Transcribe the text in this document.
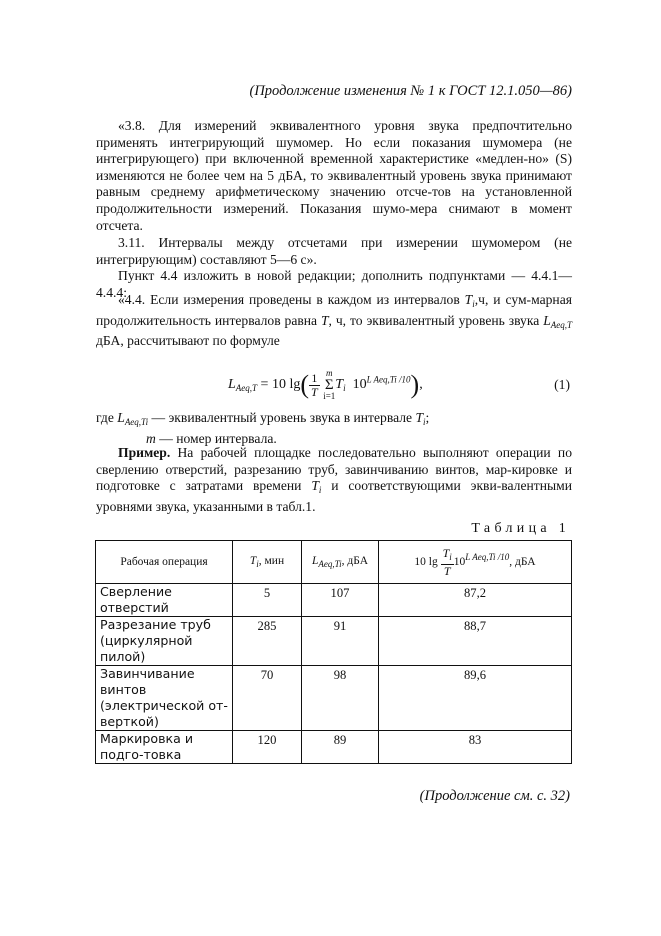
(Продолжение изменения № 1 к ГОСТ 12.1.050—86)

«3.8. Для измерений эквивалентного уровня звука предпочтительно применять интегрирующий шумомер. Но если показания шумомера (не интегрирующего) при включенной временной характеристике «медлен-но» (S) изменяются не более чем на 5 дБА, то эквивалентный уровень звука принимают равным среднему арифметическому значению отсче-тов на установленной продолжительности измерений. Показания шумо-мера снимают в момент отсчета.

3.11. Интервалы между отсчетами при измерении шумомером (не интегрирующим) составляют 5—6 с».

Пункт 4.4 изложить в новой редакции; дополнить подпунктами — 4.4.1—4.4.4:

«4.4. Если измерения проведены в каждом из интервалов $T_i,ч$, и сум-марная продолжительность интервалов равна T, ч, то эквивалентный уровень звука $L_{Aeq,T}$ дБА, рассчитывают по формуле

$L_{Aeq,T} = 10$ $\lg( \frac{1}{T}$
m
Σ
i=1
$T_i$ $10^{L Aeq,Ti /10}$),	(1)

где $L_{Aeq,Ti}$ — эквивалентный уровень звука в интервале $T_i$;

m — номер интервала.

Пример. На рабочей площадке последовательно выполняют операции по сверлению отверстий, разрезанию труб, завинчиванию винтов, мар-кировке и подготовке с затратами времени $T_i$ и соответствующими экви-валентными уровнями звука, указанными в табл.1.

Таблица 1
Рабочая операция	$T_i$, мин	$L_{Aeq,Ti}$, дБА	10 $\lg \frac{T_i}{T} 10^{L Aeq,Ti /10}$, дБА
Сверление отверстий	5	107	87,2
Разрезание труб (циркулярной пилой)	285	91	88,7
Завинчивание винтов (электрической от-верткой)	70	98	89,6
Маркировка и подго-товка	120	89	83
(Продолжение см. с. 32)
